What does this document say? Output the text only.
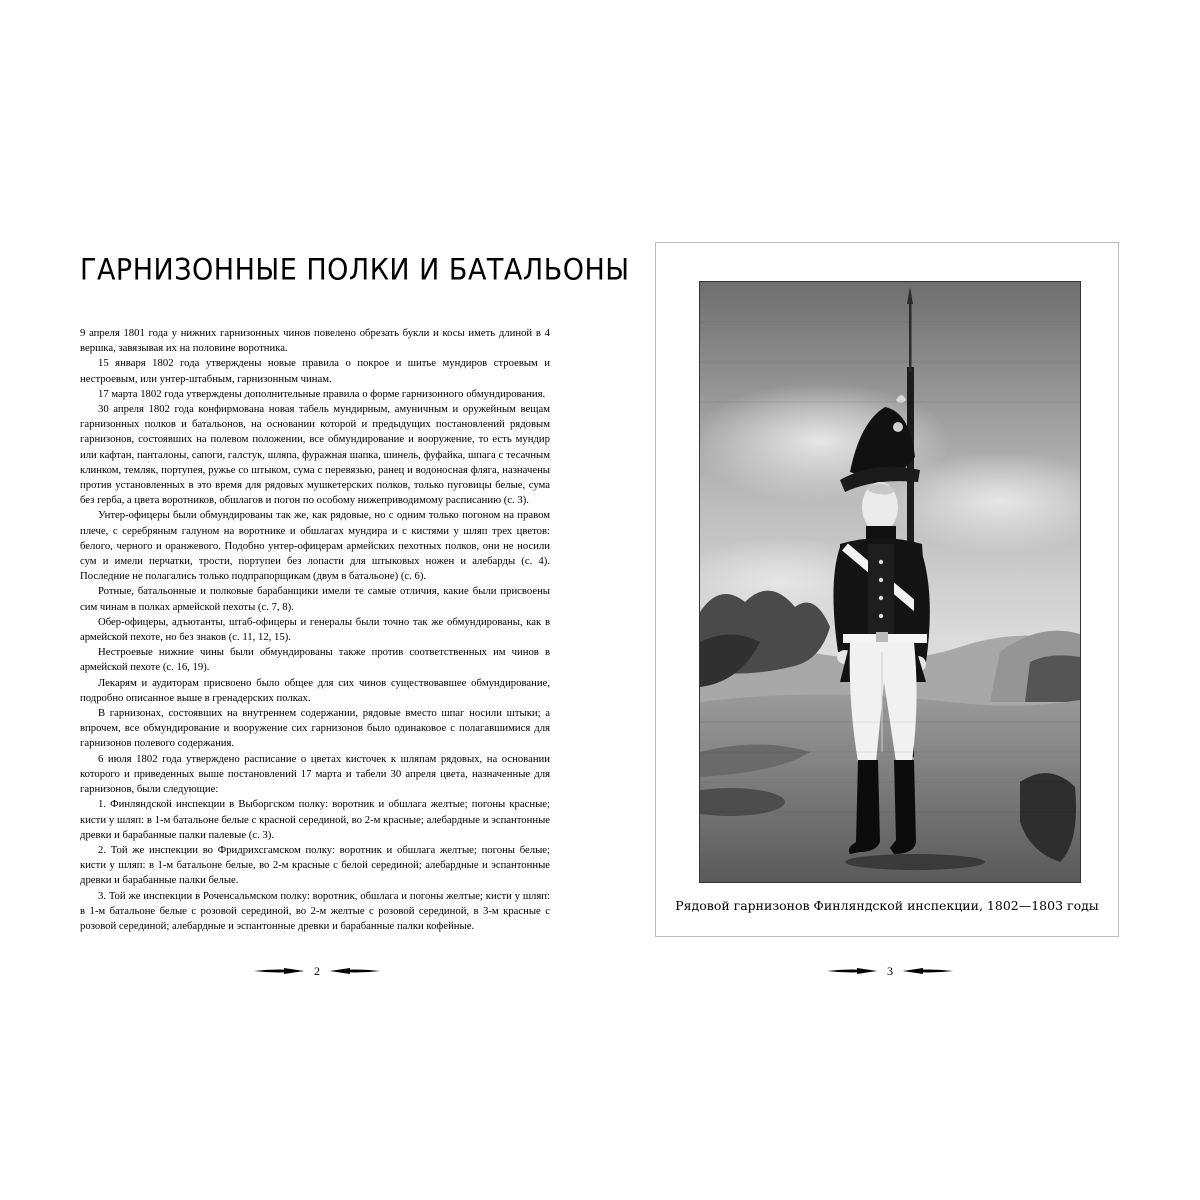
ГАРНИЗОННЫЕ ПОЛКИ И БАТАЛЬОНЫ

9 апреля 1801 года у нижних гарнизонных чинов повелено обрезать букли и косы иметь длиной в 4 вершка, завязывая их на половине воротника.

15 января 1802 года утверждены новые правила о покрое и шитье мундиров строевым и нестроевым, или унтер-штабным, гарнизонным чинам.

17 марта 1802 года утверждены дополнительные правила о форме гарнизонного обмундирования.

30 апреля 1802 года конфирмована новая табель мундирным, амуничным и оружейным вещам гарнизонных полков и батальонов, на основании которой и предыдущих постановлений рядовым гарнизонов, состоявших на полевом положении, все обмундирование и вооружение, то есть мундир или кафтан, панталоны, сапоги, галстук, шляпа, фуражная шапка, шинель, фуфайка, шпага с тесачным клинком, темляк, портупея, ружье со штыком, сума с перевязью, ранец и водоносная фляга, назначены против установленных в это время для рядовых мушкетерских полков, только пуговицы белые, сума без герба, а цвета воротников, обшлагов и погон по особому нижеприводимому расписанию (с. 3).

Унтер-офицеры были обмундированы так же, как рядовые, но с одним только погоном на правом плече, с серебряным галуном на воротнике и обшлагах мундира и с кистями у шляп трех цветов: белого, черного и оранжевого. Подобно унтер-офицерам армейских пехотных полков, они не носили сум и имели перчатки, трости, портупеи без лопасти для штыковых ножен и алебарды (с. 4). Последние не полагались только подпрапорщикам (двум в батальоне) (с. 6).

Ротные, батальонные и полковые барабанщики имели те самые отличия, какие были присвоены сим чинам в полках армейской пехоты (с. 7, 8).

Обер-офицеры, адъютанты, штаб-офицеры и генералы были точно так же обмундированы, как в армейской пехоте, но без знаков (с. 11, 12, 15).

Нестроевые нижние чины были обмундированы также против соответственных им чинов в армейской пехоте (с. 16, 19).

Лекарям и аудиторам присвоено было общее для сих чинов существовавшее обмундирование, подробно описанное выше в гренадерских полках.

В гарнизонах, состоявших на внутреннем содержании, рядовые вместо шпаг носили штыки; а впрочем, все обмундирование и вооружение сих гарнизонов было одинаковое с полагавшимися для гарнизонов полевого содержания.

6 июля 1802 года утверждено расписание о цветах кисточек к шляпам рядовых, на основании которого и приведенных выше постановлений 17 марта и табели 30 апреля цвета, назначенные для гарнизонов, были следующие:

1. Финляндской инспекции в Выборгском полку: воротник и обшлага желтые; погоны красные; кисти у шляп: в 1-м батальоне белые с красной серединой, во 2-м красные; алебардные и эспантонные древки и барабанные палки палевые (с. 3).

2. Той же инспекции во Фридрихсгамском полку: воротник и обшлага желтые; погоны белые; кисти у шляп: в 1-м батальоне белые, во 2-м красные с белой серединой; алебардные и эспантонные древки и барабанные палки белые.

3. Той же инспекции в Роченсальмском полку: воротник, обшлага и погоны желтые; кисти у шляп: в 1-м батальоне белые с розовой серединой, во 2-м желтые с розовой серединой, в 3-м красные с розовой серединой; алебардные и эспантонные древки и барабанные палки кофейные.

2
Рядовой гарнизонов Финляндской инспекции, 1802—1803 годы
3
